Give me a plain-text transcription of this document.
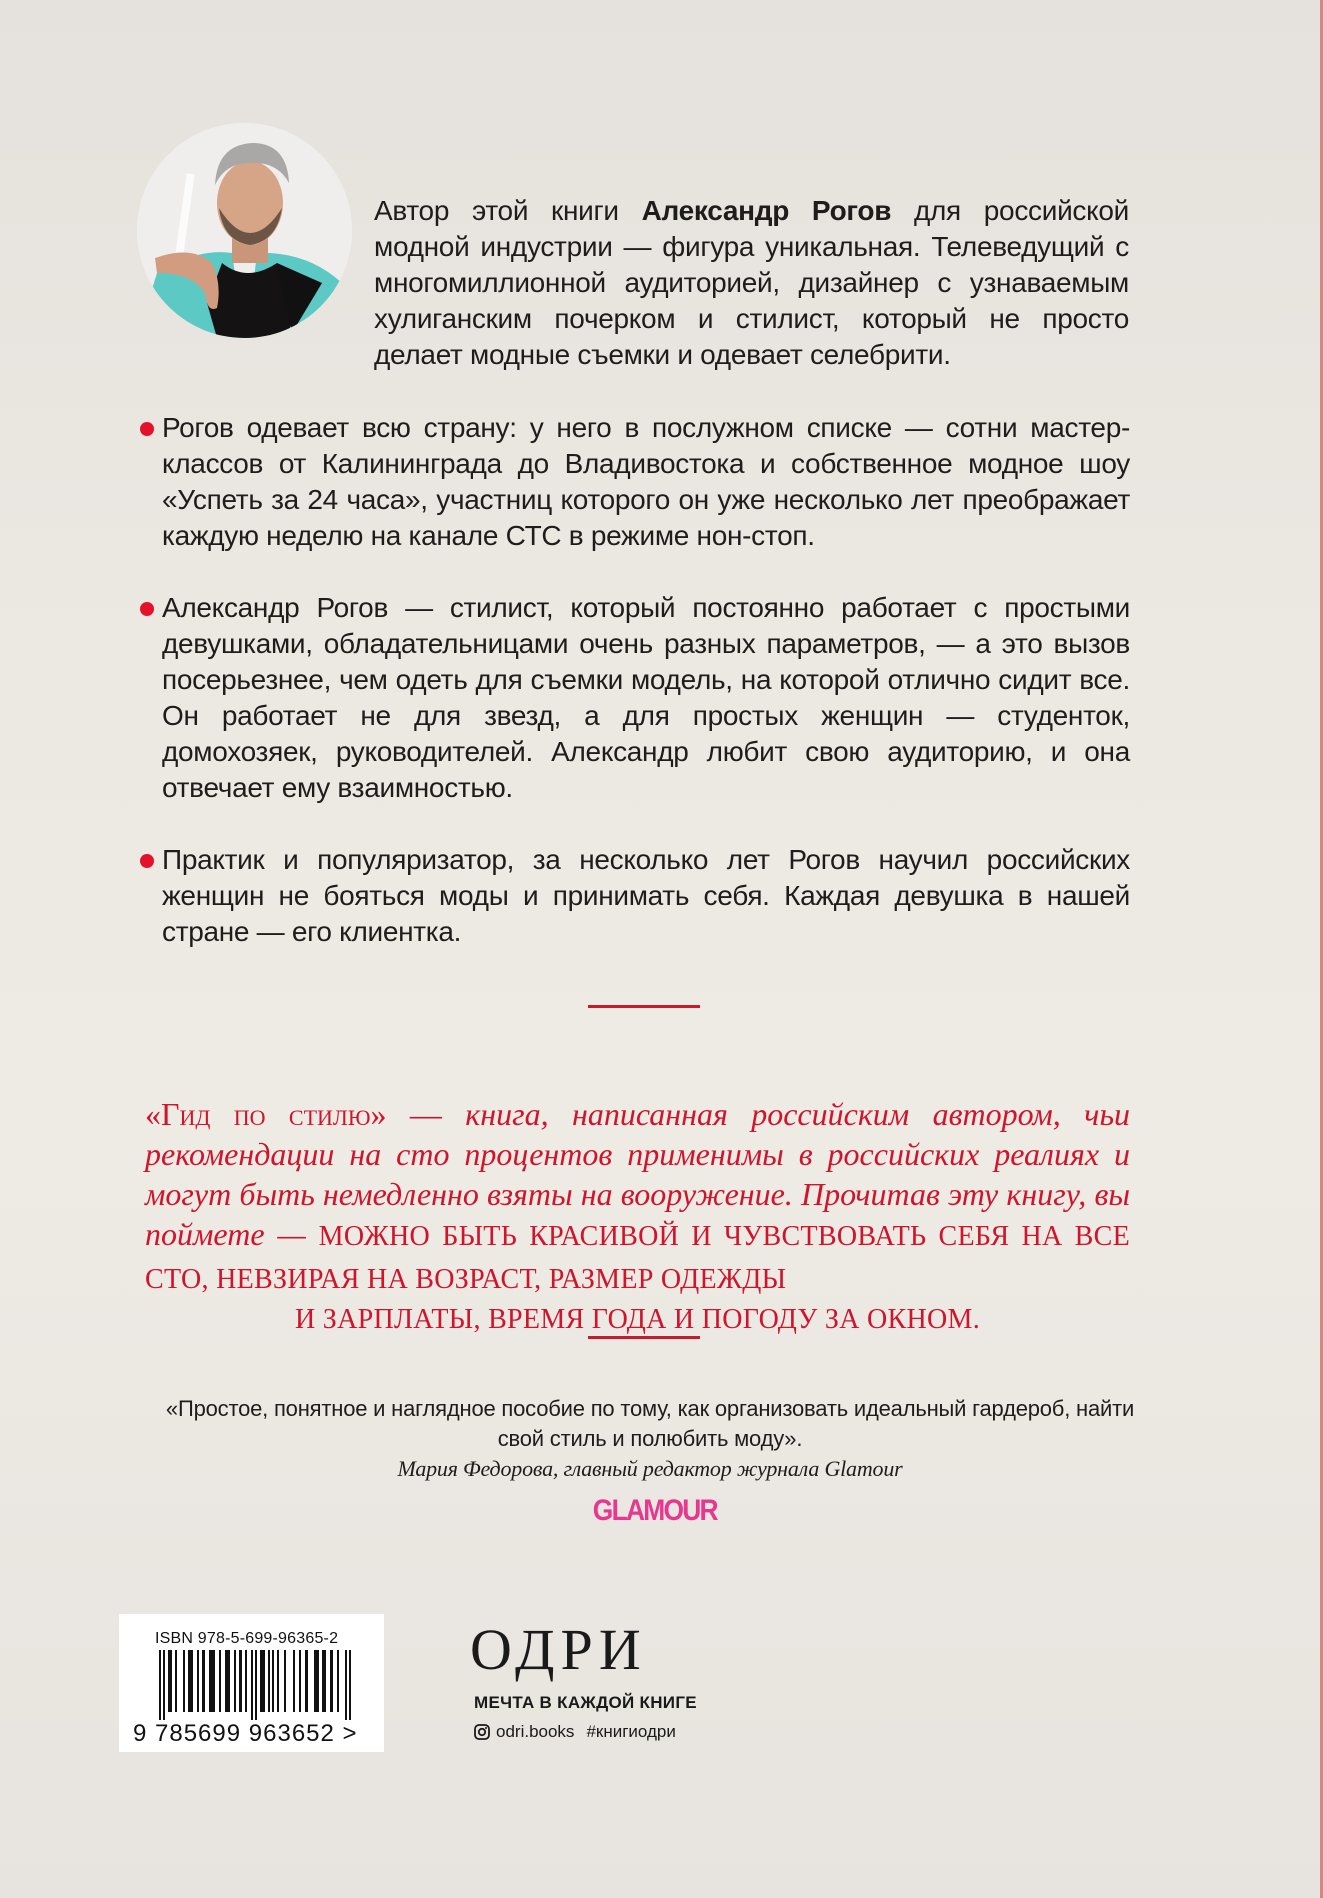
Автор этой книги Александр Рогов для российской модной индустрии — фигура уникальная. Телеведущий с многомиллионной аудиторией, дизайнер с узнаваемым хулиганским почерком и стилист, который не просто делает модные съемки и одевает селебрити.

Рогов одевает всю страну: у него в послужном списке — сотни мастер-классов от Калининграда до Владивостока и собственное модное шоу «Успеть за 24 часа», участниц которого он уже несколько лет преображает каждую неделю на канале СТС в режиме нон-стоп.
Александр Рогов — стилист, который постоянно работает с простыми девушками, обладательницами очень разных параметров, — а это вызов посерьезнее, чем одеть для съемки модель, на которой отлично сидит все. Он работает не для звезд, а для простых женщин — студенток, домохозяек, руководителей. Александр любит свою аудиторию, и она отвечает ему взаимностью.
Практик и популяризатор, за несколько лет Рогов научил российских женщин не бояться моды и принимать себя. Каждая девушка в нашей стране — его клиентка.

«Гид по стилю» — книга, написанная российским автором, чьи рекомендации на сто процентов применимы в российских реалиях и могут быть немедленно взяты на вооружение. Прочитав эту книгу, вы поймете — МОЖНО БЫТЬ КРАСИВОЙ И ЧУВСТВОВАТЬ СЕБЯ НА ВСЕ СТО, НЕВЗИРАЯ НА ВОЗРАСТ, РАЗМЕР ОДЕЖДЫ
И ЗАРПЛАТЫ, ВРЕМЯ ГОДА И ПОГОДУ ЗА ОКНОМ.

«Простое, понятное и наглядное пособие по тому, как организовать идеальный гардероб, найти свой стиль и полюбить моду».
Мария Федорова, главный редактор журнала Glamour
GLAMOUR
ISBN 978-5-699-96365-2
9 785699 963652 >
ОДРИ
МЕЧТА В КАЖДОЙ КНИГЕ
odri.books #книгиодри
